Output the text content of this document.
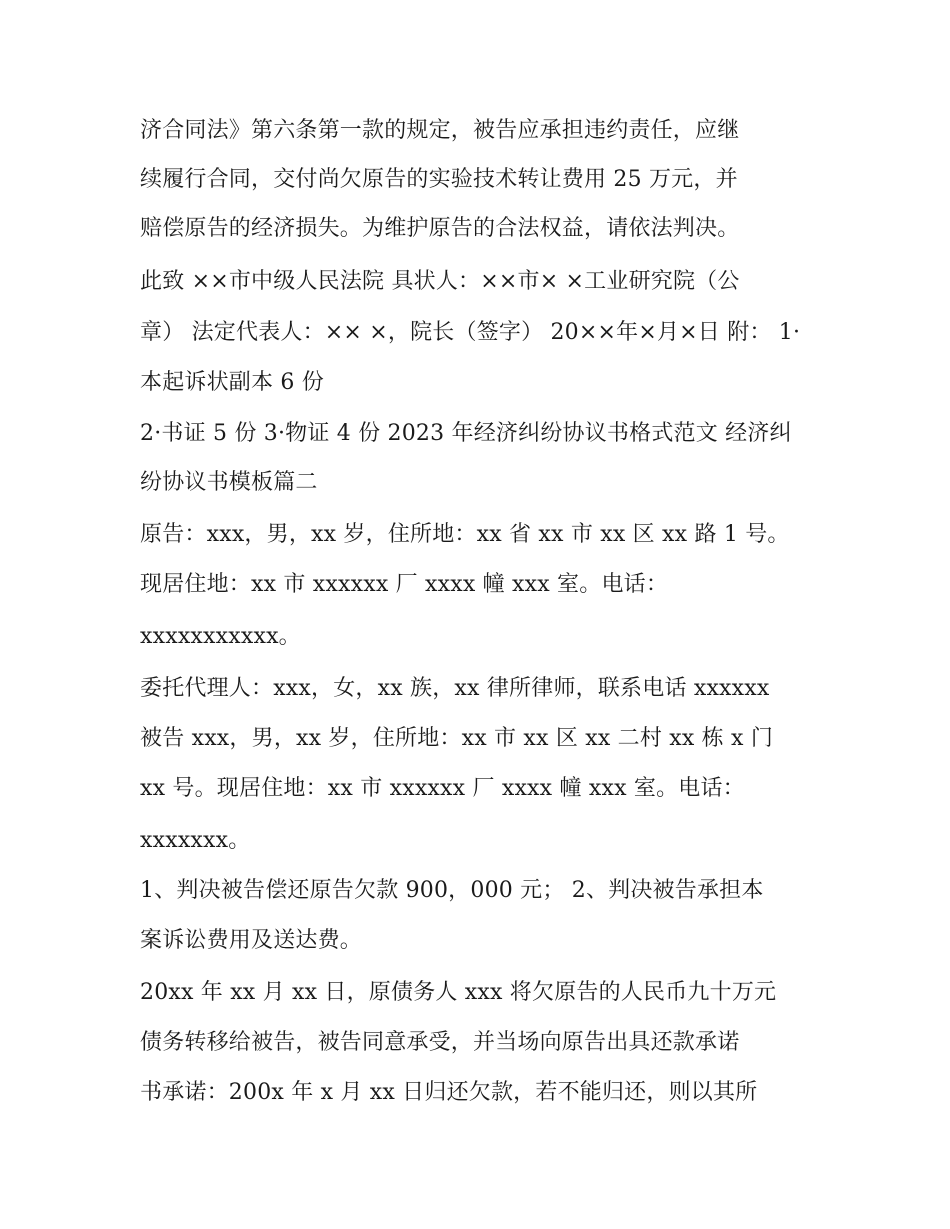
济合同法》第六条第一款的规定，被告应承担违约责任，应继
续履行合同，交付尚欠原告的实验技术转让费用 25 万元，并
赔偿原告的经济损失。为维护原告的合法权益，请依法判决。
此致 ××市中级人民法院 具状人：××市× ×工业研究院（公
章） 法定代表人：×× ×，院长（签字） 20××年×月×日 附： 1·
本起诉状副本 6 份
2·书证 5 份 3·物证 4 份 2023 年经济纠纷协议书格式范文 经济纠
纷协议书模板篇二
原告：xxx，男，xx 岁，住所地：xx 省 xx 市 xx 区 xx 路 1 号。
现居住地：xx 市 xxxxxx 厂 xxxx 幢 xxx 室。电话：
xxxxxxxxxxx。
委托代理人：xxx，女，xx 族，xx 律所律师，联系电话 xxxxxx
被告 xxx，男，xx 岁，住所地：xx 市 xx 区 xx 二村 xx 栋 x 门
xx 号。现居住地：xx 市 xxxxxx 厂 xxxx 幢 xxx 室。电话：
xxxxxxx。
1、判决被告偿还原告欠款 900，000 元； 2、判决被告承担本
案诉讼费用及送达费。
20xx 年 xx 月 xx 日，原债务人 xxx 将欠原告的人民币九十万元
债务转移给被告，被告同意承受，并当场向原告出具还款承诺
书承诺：200x 年 x 月 xx 日归还欠款，若不能归还，则以其所
